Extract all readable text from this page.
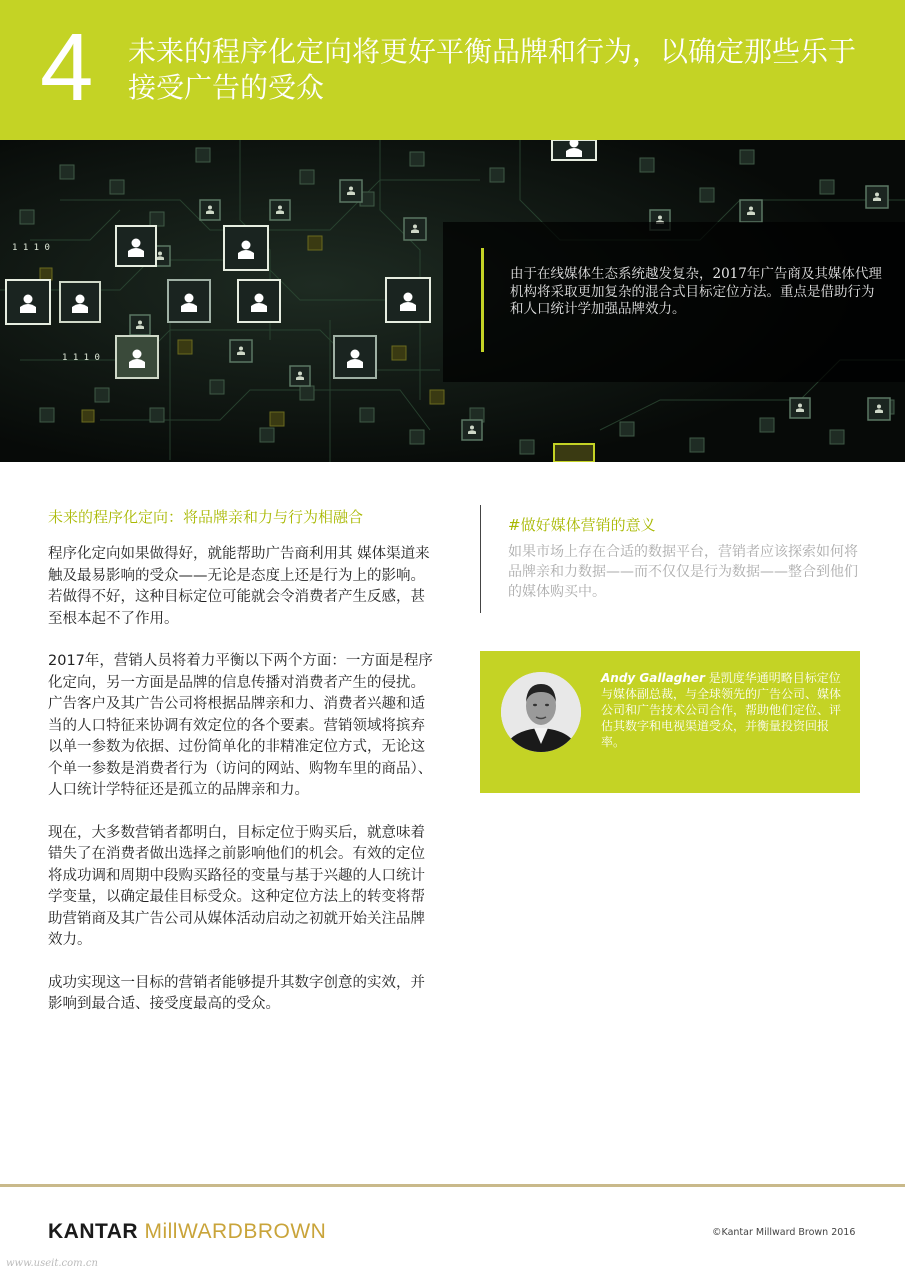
4 未来的程序化定向将更好平衡品牌和行为，以确定那些乐于接受广告的受众
1 1 1 0
1 1 1 0
由于在线媒体生态系统越发复杂，2017年广告商及其媒体代理机构将采取更加复杂的混合式目标定位方法。重点是借助行为和人口统计学加强品牌效力。
未来的程序化定向：将品牌亲和力与行为相融合

程序化定向如果做得好，就能帮助广告商利用其 媒体渠道来触及最易影响的受众——无论是态度上还是行为上的影响。若做得不好，这种目标定位可能就会令消费者产生反感，甚至根本起不了作用。

2017年，营销人员将着力平衡以下两个方面：一方面是程序化定向，另一方面是品牌的信息传播对消费者产生的侵扰。广告客户及其广告公司将根据品牌亲和力、消费者兴趣和适当的人口特征来协调有效定位的各个要素。营销领域将摈弃以单一参数为依据、过份简单化的非精准定位方式，无论这个单一参数是消费者行为（访问的网站、购物车里的商品）、人口统计学特征还是孤立的品牌亲和力。

现在，大多数营销者都明白，目标定位于购买后，就意味着错失了在消费者做出选择之前影响他们的机会。有效的定位将成功调和周期中段购买路径的变量与基于兴趣的人口统计学变量，以确定最佳目标受众。这种定位方法上的转变将帮助营销商及其广告公司从媒体活动启动之初就开始关注品牌效力。

成功实现这一目标的营销者能够提升其数字创意的实效，并影响到最合适、接受度最高的受众。

#做好媒体营销的意义
如果市场上存在合适的数据平台，营销者应该探索如何将品牌亲和力数据——而不仅仅是行为数据——整合到他们的媒体购买中。
Andy Gallagher 是凯度华通明略目标定位与媒体副总裁，与全球领先的广告公司、媒体公司和广告技术公司合作，帮助他们定位、评估其数字和电视渠道受众，并衡量投资回报率。
KANTAR MillWARDBROWN	©Kantar Millward Brown 2016
www.useit.com.cn
